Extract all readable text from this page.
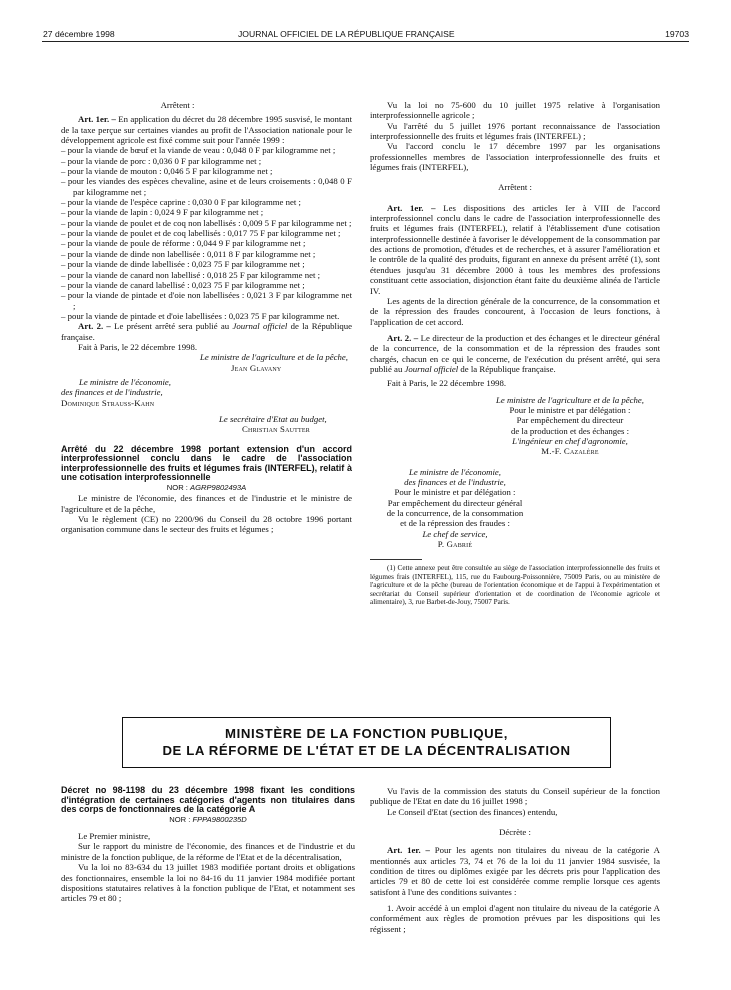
27 décembre 1998	JOURNAL OFFICIEL DE LA RÉPUBLIQUE FRANÇAISE	19703

Arrêtent :

Art. 1er. – En application du décret du 28 décembre 1995 susvisé, le montant de la taxe perçue sur certaines viandes au profit de l'Association nationale pour le développement agricole est fixé comme suit pour l'année 1999 :

– pour la viande de bœuf et la viande de veau : 0,048 0 F par kilogramme net ;

– pour la viande de porc : 0,036 0 F par kilogramme net ;

– pour la viande de mouton : 0,046 5 F par kilogramme net ;

– pour les viandes des espèces chevaline, asine et de leurs croisements : 0,048 0 F par kilogramme net ;

– pour la viande de l'espèce caprine : 0,030 0 F par kilogramme net ;

– pour la viande de lapin : 0,024 9 F par kilogramme net ;

– pour la viande de poulet et de coq non labellisés : 0,009 5 F par kilogramme net ;

– pour la viande de poulet et de coq labellisés : 0,017 75 F par kilogramme net ;

– pour la viande de poule de réforme : 0,044 9 F par kilogramme net ;

– pour la viande de dinde non labellisée : 0,011 8 F par kilogramme net ;

– pour la viande de dinde labellisée : 0,023 75 F par kilogramme net ;

– pour la viande de canard non labellisé : 0,018 25 F par kilogramme net ;

– pour la viande de canard labellisé : 0,023 75 F par kilogramme net ;

– pour la viande de pintade et d'oie non labellisées : 0,021 3 F par kilogramme net ;

– pour la viande de pintade et d'oie labellisées : 0,023 75 F par kilogramme net.

Art. 2. – Le présent arrêté sera publié au Journal officiel de la République française.

Fait à Paris, le 22 décembre 1998.

Le ministre de l'agriculture et de la pêche,

Jean Glavany

Le ministre de l'économie,

des finances et de l'industrie,

Dominique Strauss-Kahn

Le secrétaire d'Etat au budget,

Christian Sautter

Arrêté du 22 décembre 1998 portant extension d'un accord interprofessionnel conclu dans le cadre de l'association interprofessionnelle des fruits et légumes frais (INTERFEL), relatif à une cotisation interprofessionnelle

NOR : AGRP9802493A

Le ministre de l'économie, des finances et de l'industrie et le ministre de l'agriculture et de la pêche,

Vu le règlement (CE) no 2200/96 du Conseil du 28 octobre 1996 portant organisation commune dans le secteur des fruits et légumes ;

Vu la loi no 75-600 du 10 juillet 1975 relative à l'organisation interprofessionnelle agricole ;

Vu l'arrêté du 5 juillet 1976 portant reconnaissance de l'association interprofessionnelle des fruits et légumes frais (INTERFEL) ;

Vu l'accord conclu le 17 décembre 1997 par les organisations professionnelles membres de l'association interprofessionnelle des fruits et légumes frais (INTERFEL),

Arrêtent :

Art. 1er. – Les dispositions des articles Ier à VIII de l'accord interprofessionnel conclu dans le cadre de l'association interprofessionnelle des fruits et légumes frais (INTERFEL), relatif à l'établissement d'une cotisation interprofessionnelle destinée à favoriser le développement de la consommation par des actions de promotion, d'études et de recherches, et à assurer l'amélioration et le contrôle de la qualité des produits, figurant en annexe du présent arrêté (1), sont étendues jusqu'au 31 décembre 2000 à tous les membres des professions constituant cette association, disjonction étant faite du deuxième alinéa de l'article IV.

Les agents de la direction générale de la concurrence, de la consommation et de la répression des fraudes concourent, à l'occasion de leurs fonctions, à l'application de cet accord.

Art. 2. – Le directeur de la production et des échanges et le directeur général de la concurrence, de la consommation et de la répression des fraudes sont chargés, chacun en ce qui le concerne, de l'exécution du présent arrêté, qui sera publié au Journal officiel de la République française.

Fait à Paris, le 22 décembre 1998.

Le ministre de l'agriculture et de la pêche,

Pour le ministre et par délégation :

Par empêchement du directeur

de la production et des échanges :

L'ingénieur en chef d'agronomie,

M.-F. Cazalère

Le ministre de l'économie,

des finances et de l'industrie,

Pour le ministre et par délégation :

Par empêchement du directeur général

de la concurrence, de la consommation

et de la répression des fraudes :

Le chef de service,

P. Gabrié

(1) Cette annexe peut être consultée au siège de l'association interprofessionnelle des fruits et légumes frais (INTERFEL), 115, rue du Faubourg-Poissonnière, 75009 Paris, ou au ministère de l'agriculture et de la pêche (bureau de l'orientation économique et de l'appui à l'expérimentation et secrétariat du Conseil supérieur d'orientation et de coordination de l'économie agricole et alimentaire), 3, rue Barbet-de-Jouy, 75007 Paris.

MINISTÈRE DE LA FONCTION PUBLIQUE,
DE LA RÉFORME DE L'ÉTAT ET DE LA DÉCENTRALISATION

Décret no 98-1198 du 23 décembre 1998 fixant les conditions d'intégration de certaines catégories d'agents non titulaires dans des corps de fonctionnaires de la catégorie A

NOR : FPPA9800235D

Le Premier ministre,

Sur le rapport du ministre de l'économie, des finances et de l'industrie et du ministre de la fonction publique, de la réforme de l'Etat et de la décentralisation,

Vu la loi no 83-634 du 13 juillet 1983 modifiée portant droits et obligations des fonctionnaires, ensemble la loi no 84-16 du 11 janvier 1984 modifiée portant dispositions statutaires relatives à la fonction publique de l'Etat, et notamment ses articles 79 et 80 ;

Vu l'avis de la commission des statuts du Conseil supérieur de la fonction publique de l'Etat en date du 16 juillet 1998 ;

Le Conseil d'Etat (section des finances) entendu,

Décrète :

Art. 1er. – Pour les agents non titulaires du niveau de la catégorie A mentionnés aux articles 73, 74 et 76 de la loi du 11 janvier 1984 susvisée, la condition de titres ou diplômes exigée par les décrets pris pour l'application des articles 79 et 80 de cette loi est considérée comme remplie lorsque ces agents satisfont à l'une des conditions suivantes :

1. Avoir accédé à un emploi d'agent non titulaire du niveau de la catégorie A conformément aux règles de promotion prévues par les dispositions qui les régissent ;
